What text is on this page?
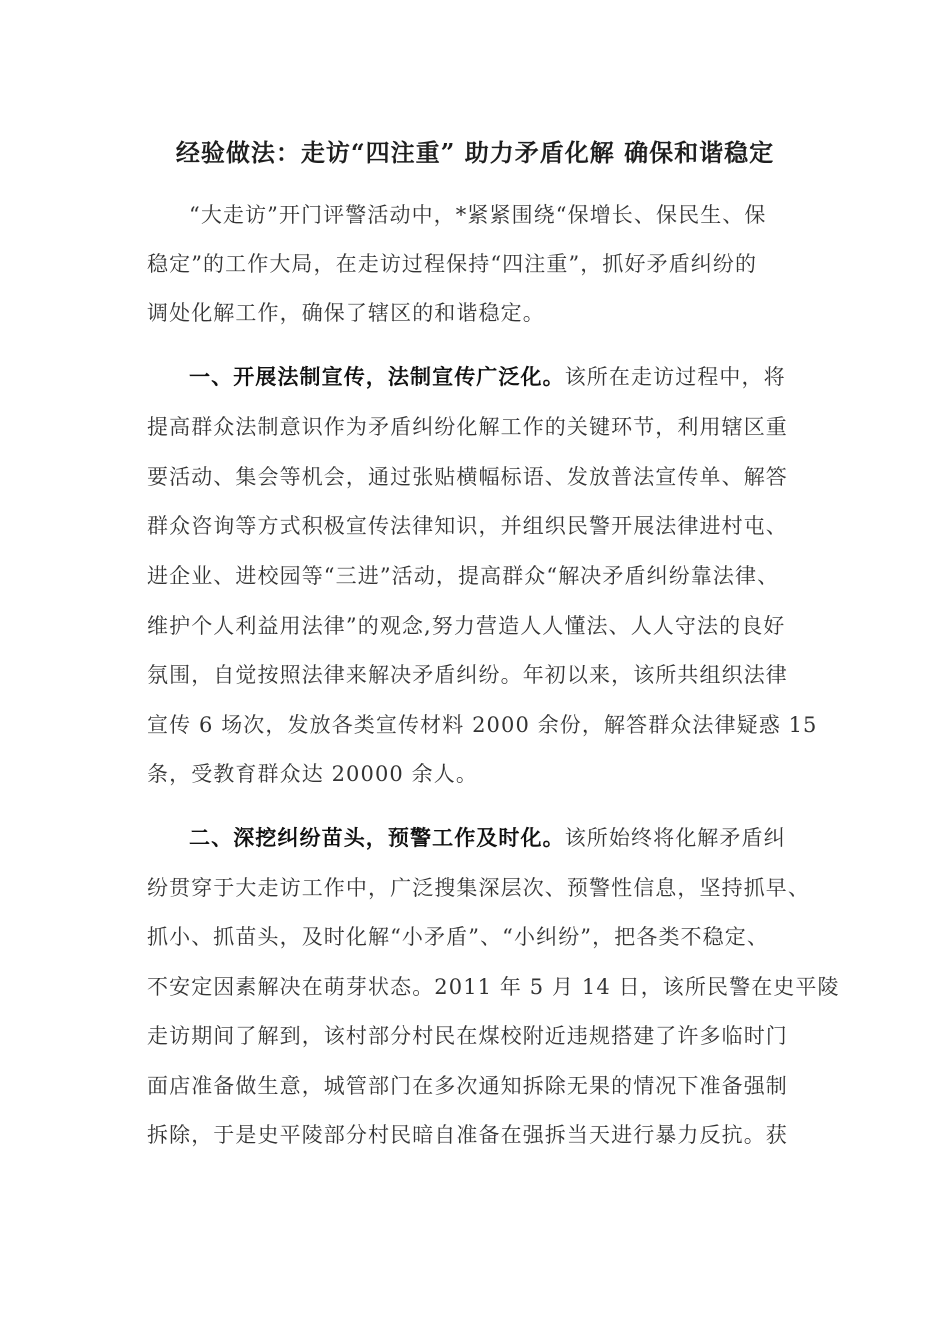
经验做法：走访“四注重” 助力矛盾化解 确保和谐稳定
“大走访”开门评警活动中，*紧紧围绕“保增长、保民生、保
稳定”的工作大局，在走访过程保持“四注重”，抓好矛盾纠纷的
调处化解工作，确保了辖区的和谐稳定。
一、开展法制宣传，法制宣传广泛化。该所在走访过程中，将
提高群众法制意识作为矛盾纠纷化解工作的关键环节，利用辖区重
要活动、集会等机会，通过张贴横幅标语、发放普法宣传单、解答
群众咨询等方式积极宣传法律知识，并组织民警开展法律进村屯、
进企业、进校园等“三进”活动，提高群众“解决矛盾纠纷靠法律、
维护个人利益用法律”的观念,努力营造人人懂法、人人守法的良好
氛围，自觉按照法律来解决矛盾纠纷。年初以来，该所共组织法律
宣传 6 场次，发放各类宣传材料 2000 余份，解答群众法律疑惑 15
条，受教育群众达 20000 余人。
二、深挖纠纷苗头，预警工作及时化。该所始终将化解矛盾纠
纷贯穿于大走访工作中，广泛搜集深层次、预警性信息，坚持抓早、
抓小、抓苗头，及时化解“小矛盾”、“小纠纷”，把各类不稳定、
不安定因素解决在萌芽状态。2011 年 5 月 14 日，该所民警在史平陵
走访期间了解到，该村部分村民在煤校附近违规搭建了许多临时门
面店准备做生意，城管部门在多次通知拆除无果的情况下准备强制
拆除，于是史平陵部分村民暗自准备在强拆当天进行暴力反抗。获
